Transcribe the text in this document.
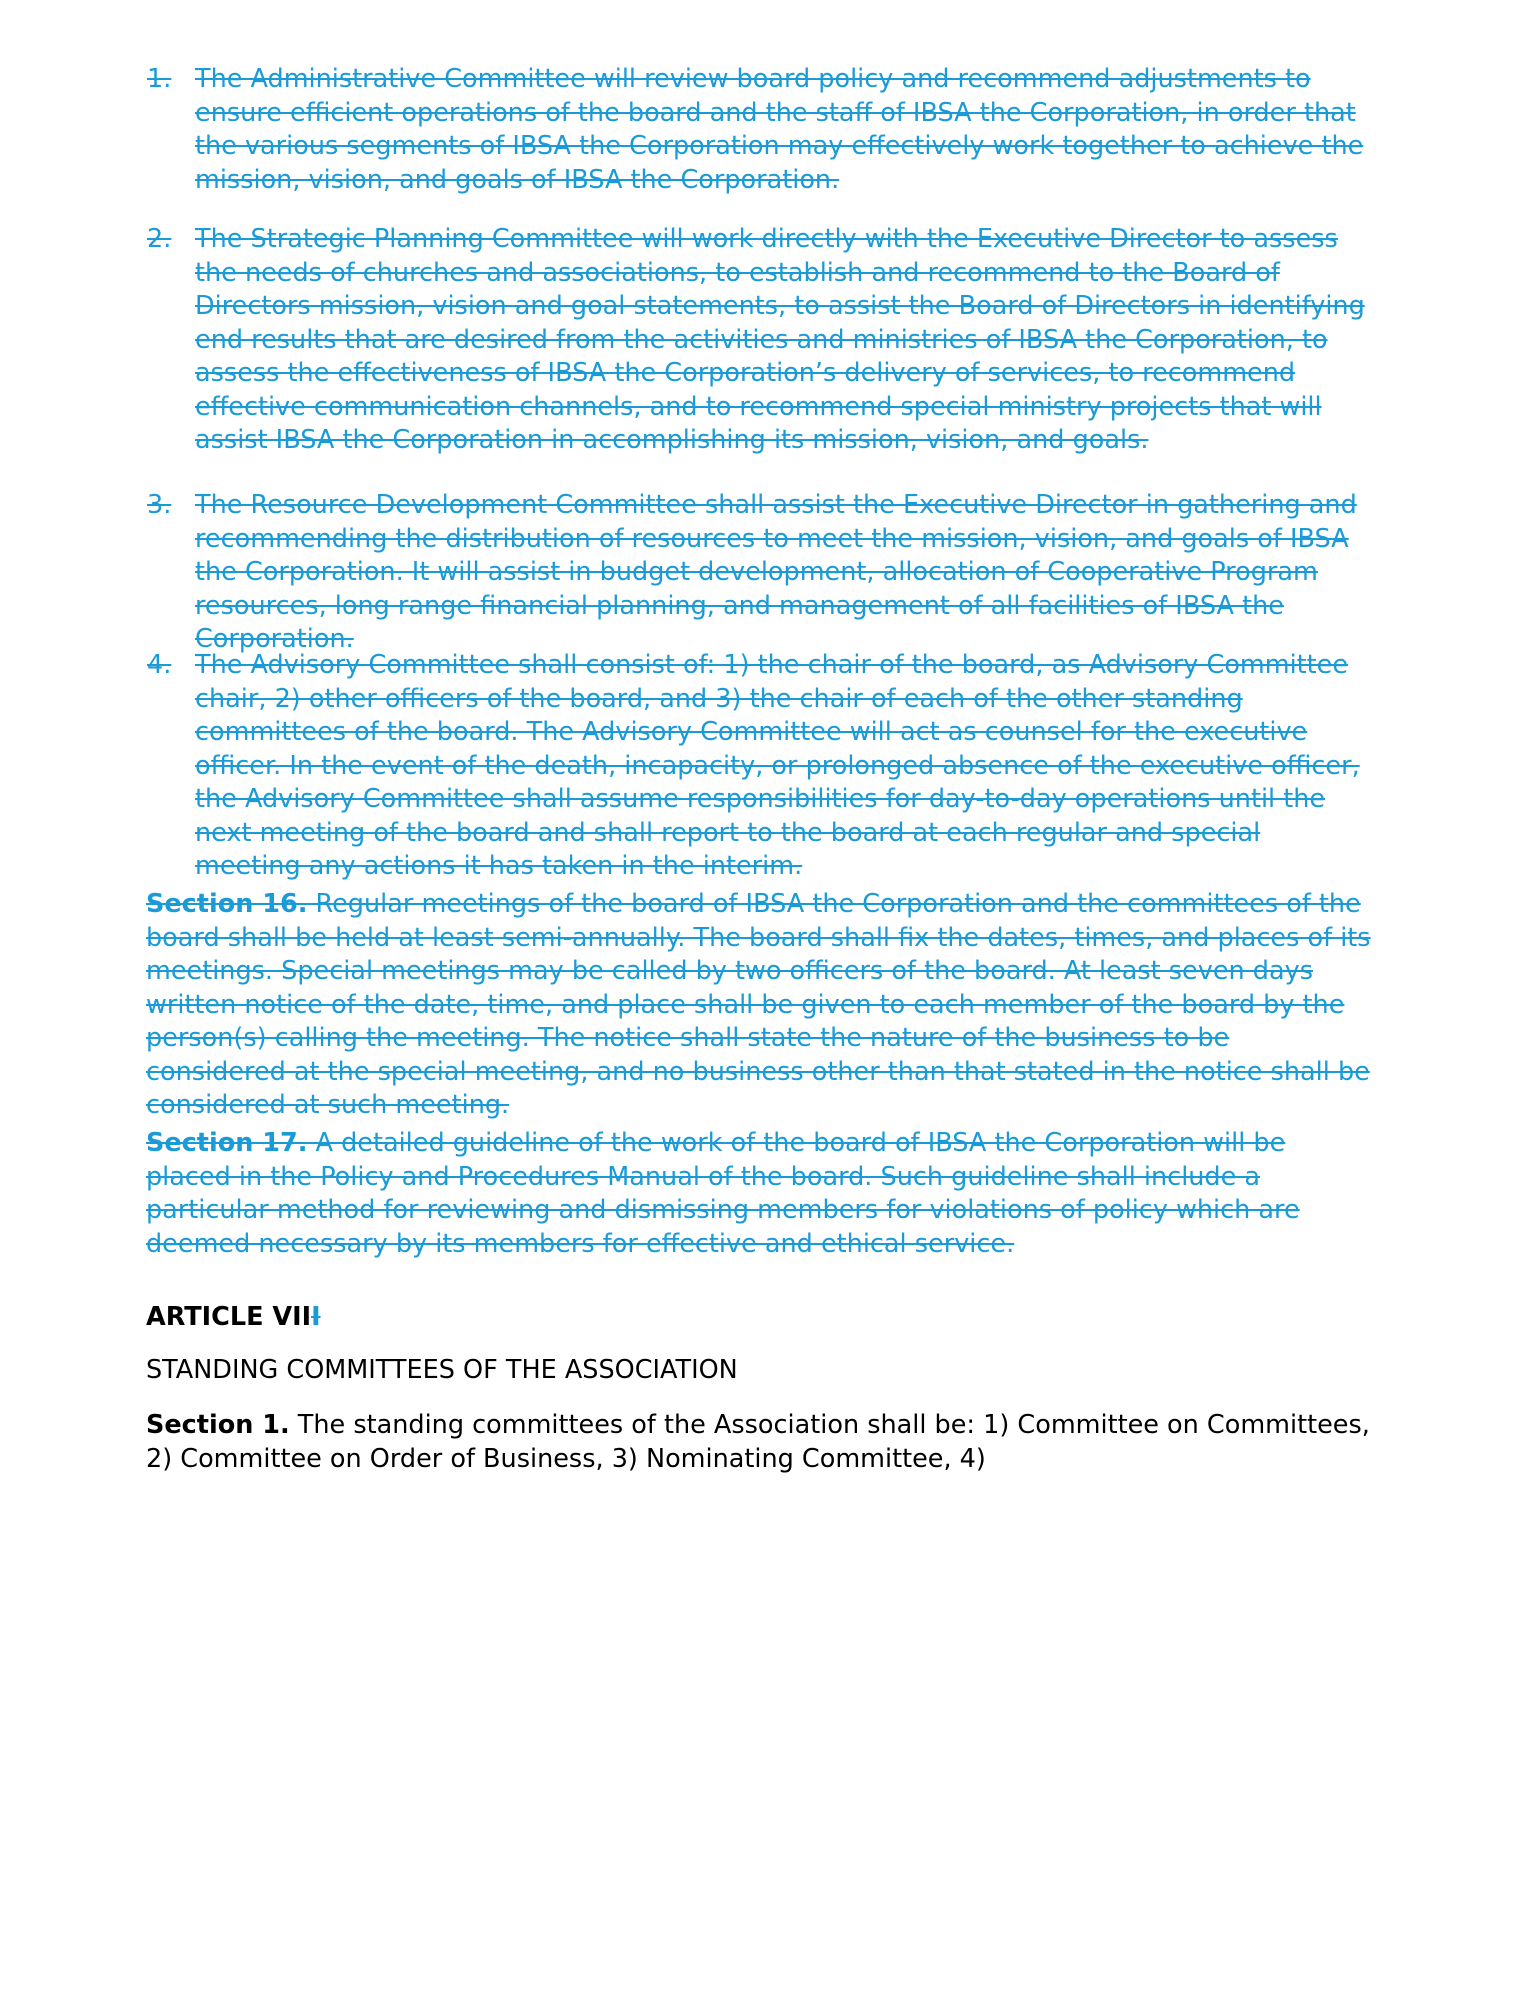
1. The Administrative Committee will review board policy and recommend adjustments to ensure efficient operations of the board and the staff of IBSA the Corporation, in order that the various segments of IBSA the Corporation may effectively work together to achieve the mission, vision, and goals of IBSA the Corporation.

2. The Strategic Planning Committee will work directly with the Executive Director to assess the needs of churches and associations, to establish and recommend to the Board of Directors mission, vision and goal statements, to assist the Board of Directors in identifying end results that are desired from the activities and ministries of IBSA the Corporation, to assess the effectiveness of IBSA the Corporation’s delivery of services, to recommend effective communication channels, and to recommend special ministry projects that will assist IBSA the Corporation in accomplishing its mission, vision, and goals.

3. The Resource Development Committee shall assist the Executive Director in gathering and recommending the distribution of resources to meet the mission, vision, and goals of IBSA the Corporation. It will assist in budget development, allocation of Cooperative Program resources, long range financial planning, and management of all facilities of IBSA the Corporation.

4. The Advisory Committee shall consist of: 1) the chair of the board, as Advisory Committee chair, 2) other officers of the board, and 3) the chair of each of the other standing committees of the board. The Advisory Committee will act as counsel for the executive officer. In the event of the death, incapacity, or prolonged absence of the executive officer, the Advisory Committee shall assume responsibilities for day-to-day operations until the next meeting of the board and shall report to the board at each regular and special meeting any actions it has taken in the interim.

Section 16. Regular meetings of the board of IBSA the Corporation and the committees of the board shall be held at least semi-annually. The board shall fix the dates, times, and places of its meetings. Special meetings may be called by two officers of the board. At least seven days written notice of the date, time, and place shall be given to each member of the board by the person(s) calling the meeting. The notice shall state the nature of the business to be considered at the special meeting, and no business other than that stated in the notice shall be considered at such meeting.

Section 17. A detailed guideline of the work of the board of IBSA the Corporation will be placed in the Policy and Procedures Manual of the board. Such guideline shall include a particular method for reviewing and dismissing members for violations of policy which are deemed necessary by its members for effective and ethical service.

ARTICLE VIII

STANDING COMMITTEES OF THE ASSOCIATION

Section 1. The standing committees of the Association shall be: 1) Committee on Committees, 2) Committee on Order of Business, 3) Nominating Committee, 4)
